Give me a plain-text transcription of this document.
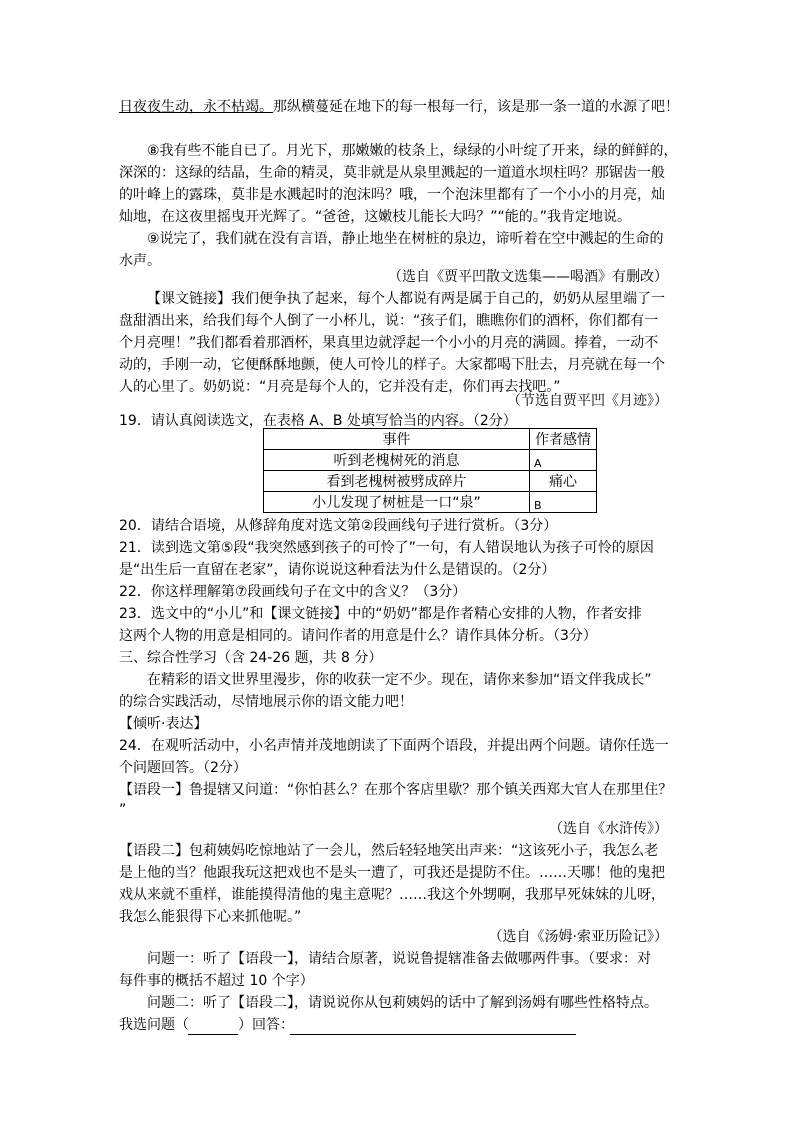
日夜夜生动，永不枯竭。那纵横蔓延在地下的每一根每一行，该是那一条一道的水源了吧！
⑧我有些不能自已了。月光下，那嫩嫩的枝条上，绿绿的小叶绽了开来，绿的鲜鲜的，
深深的：这绿的结晶，生命的精灵，莫非就是从泉里溅起的一道道水坝柱吗？那锯齿一般
的叶峰上的露珠，莫非是水溅起时的泡沫吗？哦，一个泡沫里都有了一个小小的月亮，灿
灿地，在这夜里摇曳开光辉了。“爸爸，这嫩枝儿能长大吗？”“能的。”我肯定地说。
⑨说完了，我们就在没有言语，静止地坐在树桩的泉边，谛听着在空中溅起的生命的
水声。
（选自《贾平凹散文选集——喝酒》有删改）
【课文链接】我们便争执了起来，每个人都说有两是属于自己的，奶奶从屋里端了一
盘甜酒出来，给我们每个人倒了一小杯儿，说：“孩子们，瞧瞧你们的酒杯，你们都有一
个月亮哩！”我们都看着那酒杯，果真里边就浮起一个小小的月亮的满圆。捧着，一动不
动的，手刚一动，它便酥酥地颤，使人可怜儿的样子。大家都喝下肚去，月亮就在每一个
人的心里了。奶奶说：“月亮是每个人的，它并没有走，你们再去找吧。”
（节选自贾平凹《月迹》）
19．请认真阅读选文，在表格 A、B 处填写恰当的内容。（2分）
事件	作者感情
听到老槐树死的消息	A
看到老槐树被劈成碎片	痛心
小儿发现了树桩是一口“泉”	B
20．请结合语境，从修辞角度对选文第②段画线句子进行赏析。（3分）
21．读到选文第⑤段“我突然感到孩子的可怜了”一句，有人错误地认为孩子可怜的原因
是“出生后一直留在老家”，请你说说这种看法为什么是错误的。（2分）
22．你这样理解第⑦段画线句子在文中的含义？（3分）
23．选文中的“小儿”和【课文链接】中的“奶奶”都是作者精心安排的人物，作者安排
这两个人物的用意是相同的。请问作者的用意是什么？请作具体分析。（3分）
三、综合性学习（含 24-26 题，共 8 分）
在精彩的语文世界里漫步，你的收获一定不少。现在，请你来参加“语文伴我成长”
的综合实践活动，尽情地展示你的语文能力吧！
【倾听·表达】
24．在观听活动中，小名声情并茂地朗读了下面两个语段，并提出两个问题。请你任选一
个问题回答。（2分）
【语段一】鲁提辖又问道：“你怕甚么？在那个客店里歇？那个镇关西郑大官人在那里住？
”
（选自《水浒传》）
【语段二】包莉姨妈吃惊地站了一会儿，然后轻轻地笑出声来：“这该死小子，我怎么老
是上他的当？他跟我玩这把戏也不是头一遭了，可我还是提防不住。……天哪！他的鬼把
戏从来就不重样，谁能摸得清他的鬼主意呢？……我这个外甥啊，我那早死妹妹的儿呀，
我怎么能狠得下心来抓他呢。”
（选自《汤姆·索亚历险记》）
问题一：听了【语段一】，请结合原著，说说鲁提辖准备去做哪两件事。（要求：对
每件事的概括不超过 10 个字）
问题二：听了【语段二】，请说说你从包莉姨妈的话中了解到汤姆有哪些性格特点。
我选问题（	）回答：
